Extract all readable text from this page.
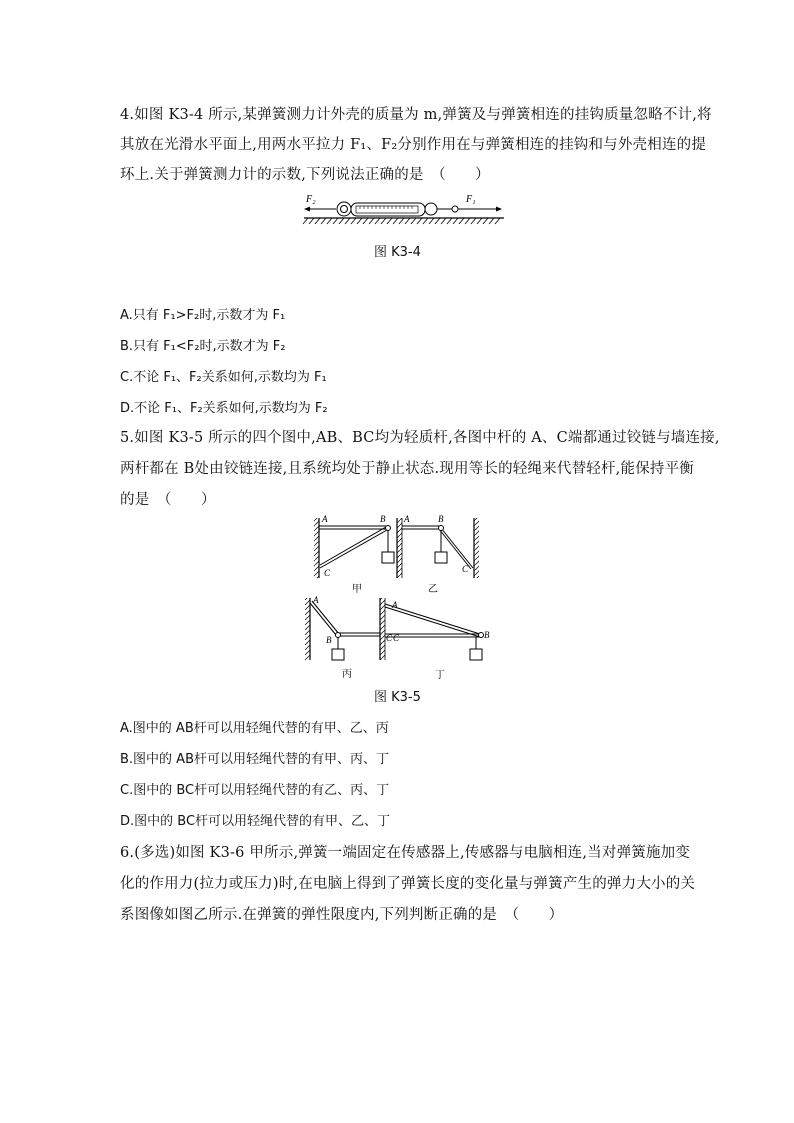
4.如图 K3-4 所示,某弹簧测力计外壳的质量为 m,弹簧及与弹簧相连的挂钩质量忽略不计,将
其放在光滑水平面上,用两水平拉力 F₁、F₂分别作用在与弹簧相连的挂钩和与外壳相连的提
环上.关于弹簧测力计的示数,下列说法正确的是　（　　）
F₂	F₁
图 K3-4
A.只有 F₁>F₂时,示数才为 F₁
B.只有 F₁<F₂时,示数才为 F₂
C.不论 F₁、F₂关系如何,示数均为 F₁
D.不论 F₁、F₂关系如何,示数均为 F₂
5.如图 K3-5 所示的四个图中,AB、BC均为轻质杆,各图中杆的 A、C端都通过铰链与墙连接,
两杆都在 B处由铰链连接,且系统均处于静止状态.现用等长的轻绳来代替轻杆,能保持平衡
的是　（　　）
A	B
C
A	B
C
甲	乙
A
B	C
A
C	B
丙	丁
图 K3-5
A.图中的 AB杆可以用轻绳代替的有甲、乙、丙
B.图中的 AB杆可以用轻绳代替的有甲、丙、丁
C.图中的 BC杆可以用轻绳代替的有乙、丙、丁
D.图中的 BC杆可以用轻绳代替的有甲、乙、丁
6.(多选)如图 K3-6 甲所示,弹簧一端固定在传感器上,传感器与电脑相连,当对弹簧施加变
化的作用力(拉力或压力)时,在电脑上得到了弹簧长度的变化量与弹簧产生的弹力大小的关
系图像如图乙所示.在弹簧的弹性限度内,下列判断正确的是　（　　）
